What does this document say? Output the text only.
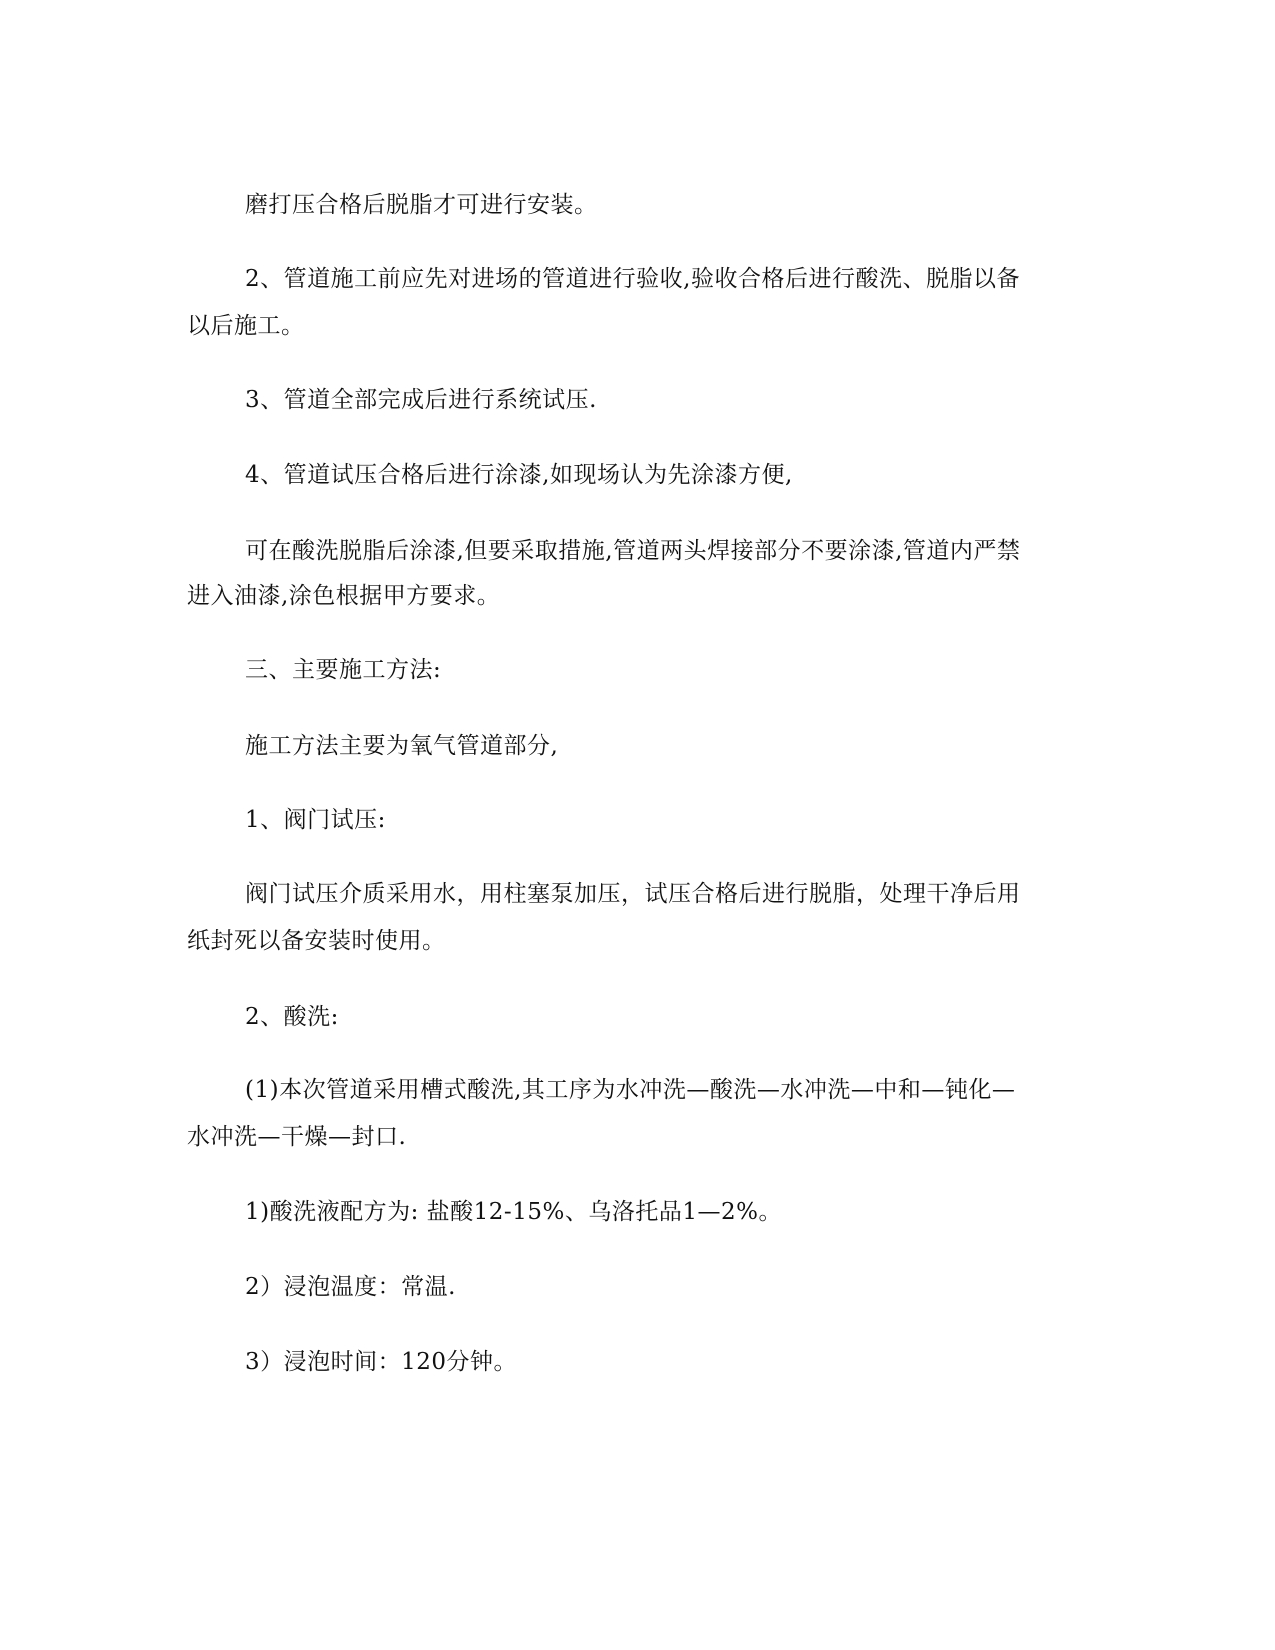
磨打压合格后脱脂才可进行安装。
2、管道施工前应先对进场的管道进行验收,验收合格后进行酸洗、脱脂以备
以后施工。
3、管道全部完成后进行系统试压.
4、管道试压合格后进行涂漆,如现场认为先涂漆方便,
可在酸洗脱脂后涂漆,但要采取措施,管道两头焊接部分不要涂漆,管道内严禁
进入油漆,涂色根据甲方要求。
三、主要施工方法:
施工方法主要为氧气管道部分,
1、阀门试压:
阀门试压介质采用水，用柱塞泵加压，试压合格后进行脱脂，处理干净后用
纸封死以备安装时使用。
2、酸洗:
(1)本次管道采用槽式酸洗,其工序为水冲洗—酸洗—水冲洗—中和—钝化—
水冲洗—干燥—封口.
1)酸洗液配方为: 盐酸12-15%、乌洛托品1—2%。
2）浸泡温度：常温.
3）浸泡时间：120分钟。
